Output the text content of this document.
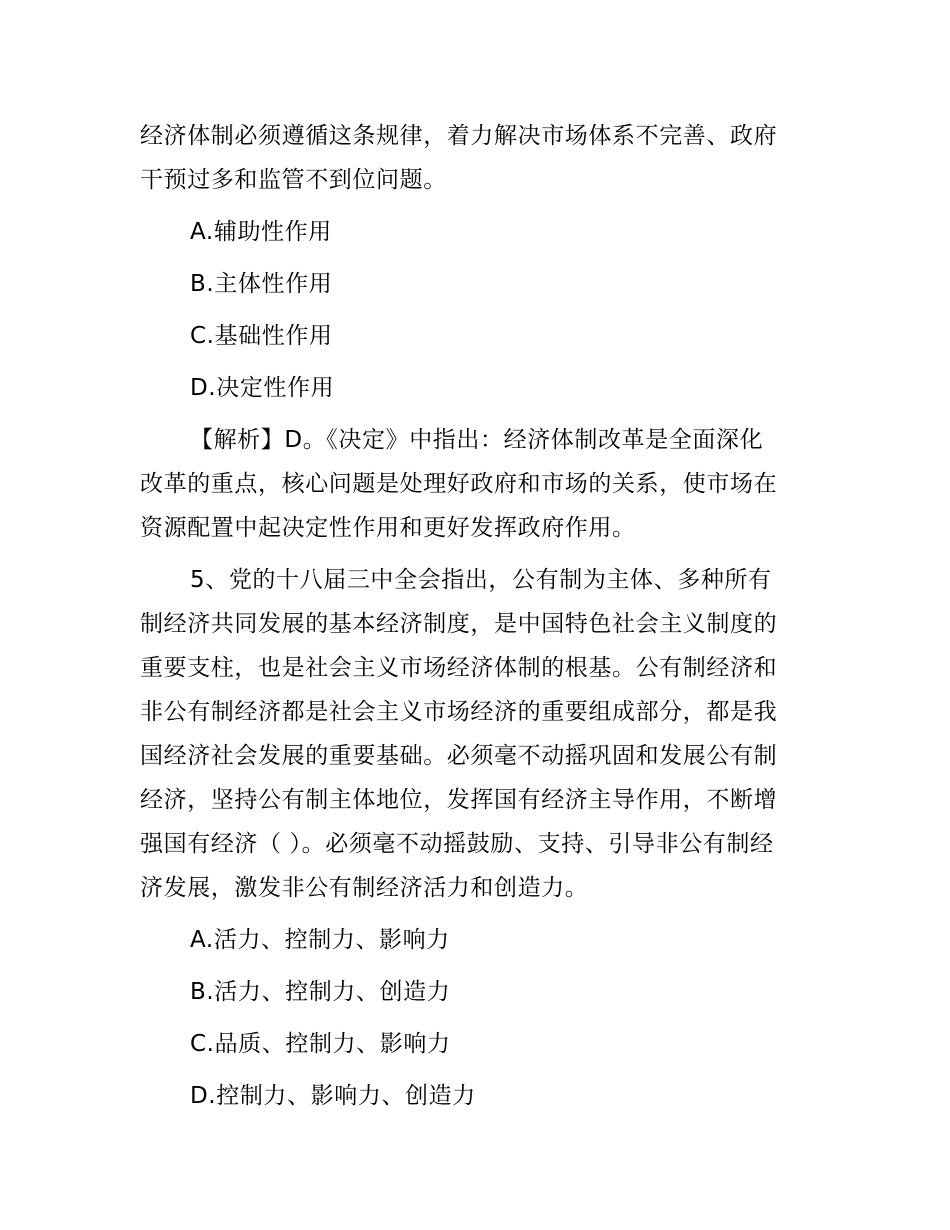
经济体制必须遵循这条规律，着力解决市场体系不完善、政府
干预过多和监管不到位问题。
A.辅助性作用
B.主体性作用
C.基础性作用
D.决定性作用
【解析】D。《决定》中指出：经济体制改革是全面深化
改革的重点，核心问题是处理好政府和市场的关系，使市场在
资源配置中起决定性作用和更好发挥政府作用。
5、党的十八届三中全会指出，公有制为主体、多种所有
制经济共同发展的基本经济制度，是中国特色社会主义制度的
重要支柱，也是社会主义市场经济体制的根基。公有制经济和
非公有制经济都是社会主义市场经济的重要组成部分，都是我
国经济社会发展的重要基础。必须毫不动摇巩固和发展公有制
经济，坚持公有制主体地位，发挥国有经济主导作用，不断增
强国有经济（ ）。必须毫不动摇鼓励、支持、引导非公有制经
济发展，激发非公有制经济活力和创造力。
A.活力、控制力、影响力
B.活力、控制力、创造力
C.品质、控制力、影响力
D.控制力、影响力、创造力
